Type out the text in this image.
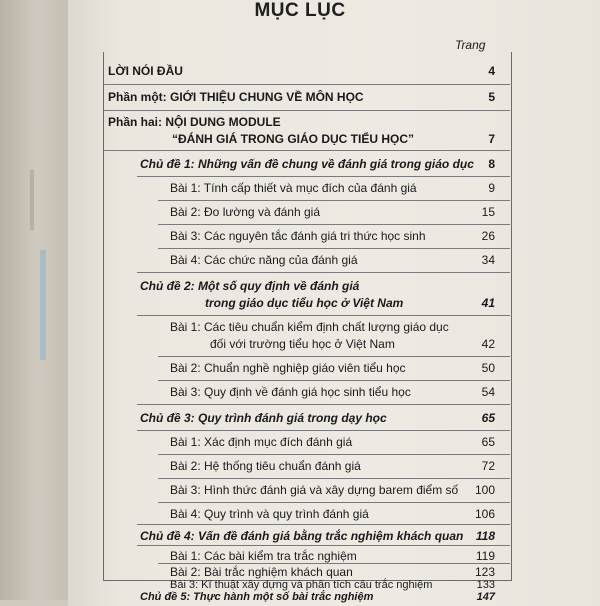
MỤC LỤC
Trang
LỜI NÓI ĐẦU	4
Phần một: GIỚI THIỆU CHUNG VỀ MÔN HỌC	5
Phần hai: NỘI DUNG MODULE
“ĐÁNH GIÁ TRONG GIÁO DỤC TIỂU HỌC”	7
Chủ đề 1: Những vấn đề chung về đánh giá trong giáo dục	8
Bài 1: Tính cấp thiết và mục đích của đánh giá	9
Bài 2: Đo lường và đánh giá	15
Bài 3: Các nguyên tắc đánh giá tri thức học sinh	26
Bài 4: Các chức năng của đánh giá	34
Chủ đề 2: Một số quy định về đánh giá
trong giáo dục tiểu học ở Việt Nam	41
Bài 1: Các tiêu chuẩn kiểm định chất lượng giáo dục
đối với trường tiểu học ở Việt Nam	42
Bài 2: Chuẩn nghề nghiệp giáo viên tiểu học	50
Bài 3: Quy định về đánh giá học sinh tiểu học	54
Chủ đề 3: Quy trình đánh giá trong dạy học	65
Bài 1: Xác định mục đích đánh giá	65
Bài 2: Hệ thống tiêu chuẩn đánh giá	72
Bài 3: Hình thức đánh giá và xây dựng barem điểm số	100
Bài 4: Quy trình và quy trình đánh giá	106
Chủ đề 4: Vấn đề đánh giá bằng trắc nghiệm khách quan	118
Bài 1: Các bài kiểm tra trắc nghiệm	119
Bài 2: Bài trắc nghiệm khách quan	123
Bài 3: Kĩ thuật xây dựng và phân tích câu trắc nghiệm	133
Chủ đề 5: Thực hành một số bài trắc nghiệm	147
